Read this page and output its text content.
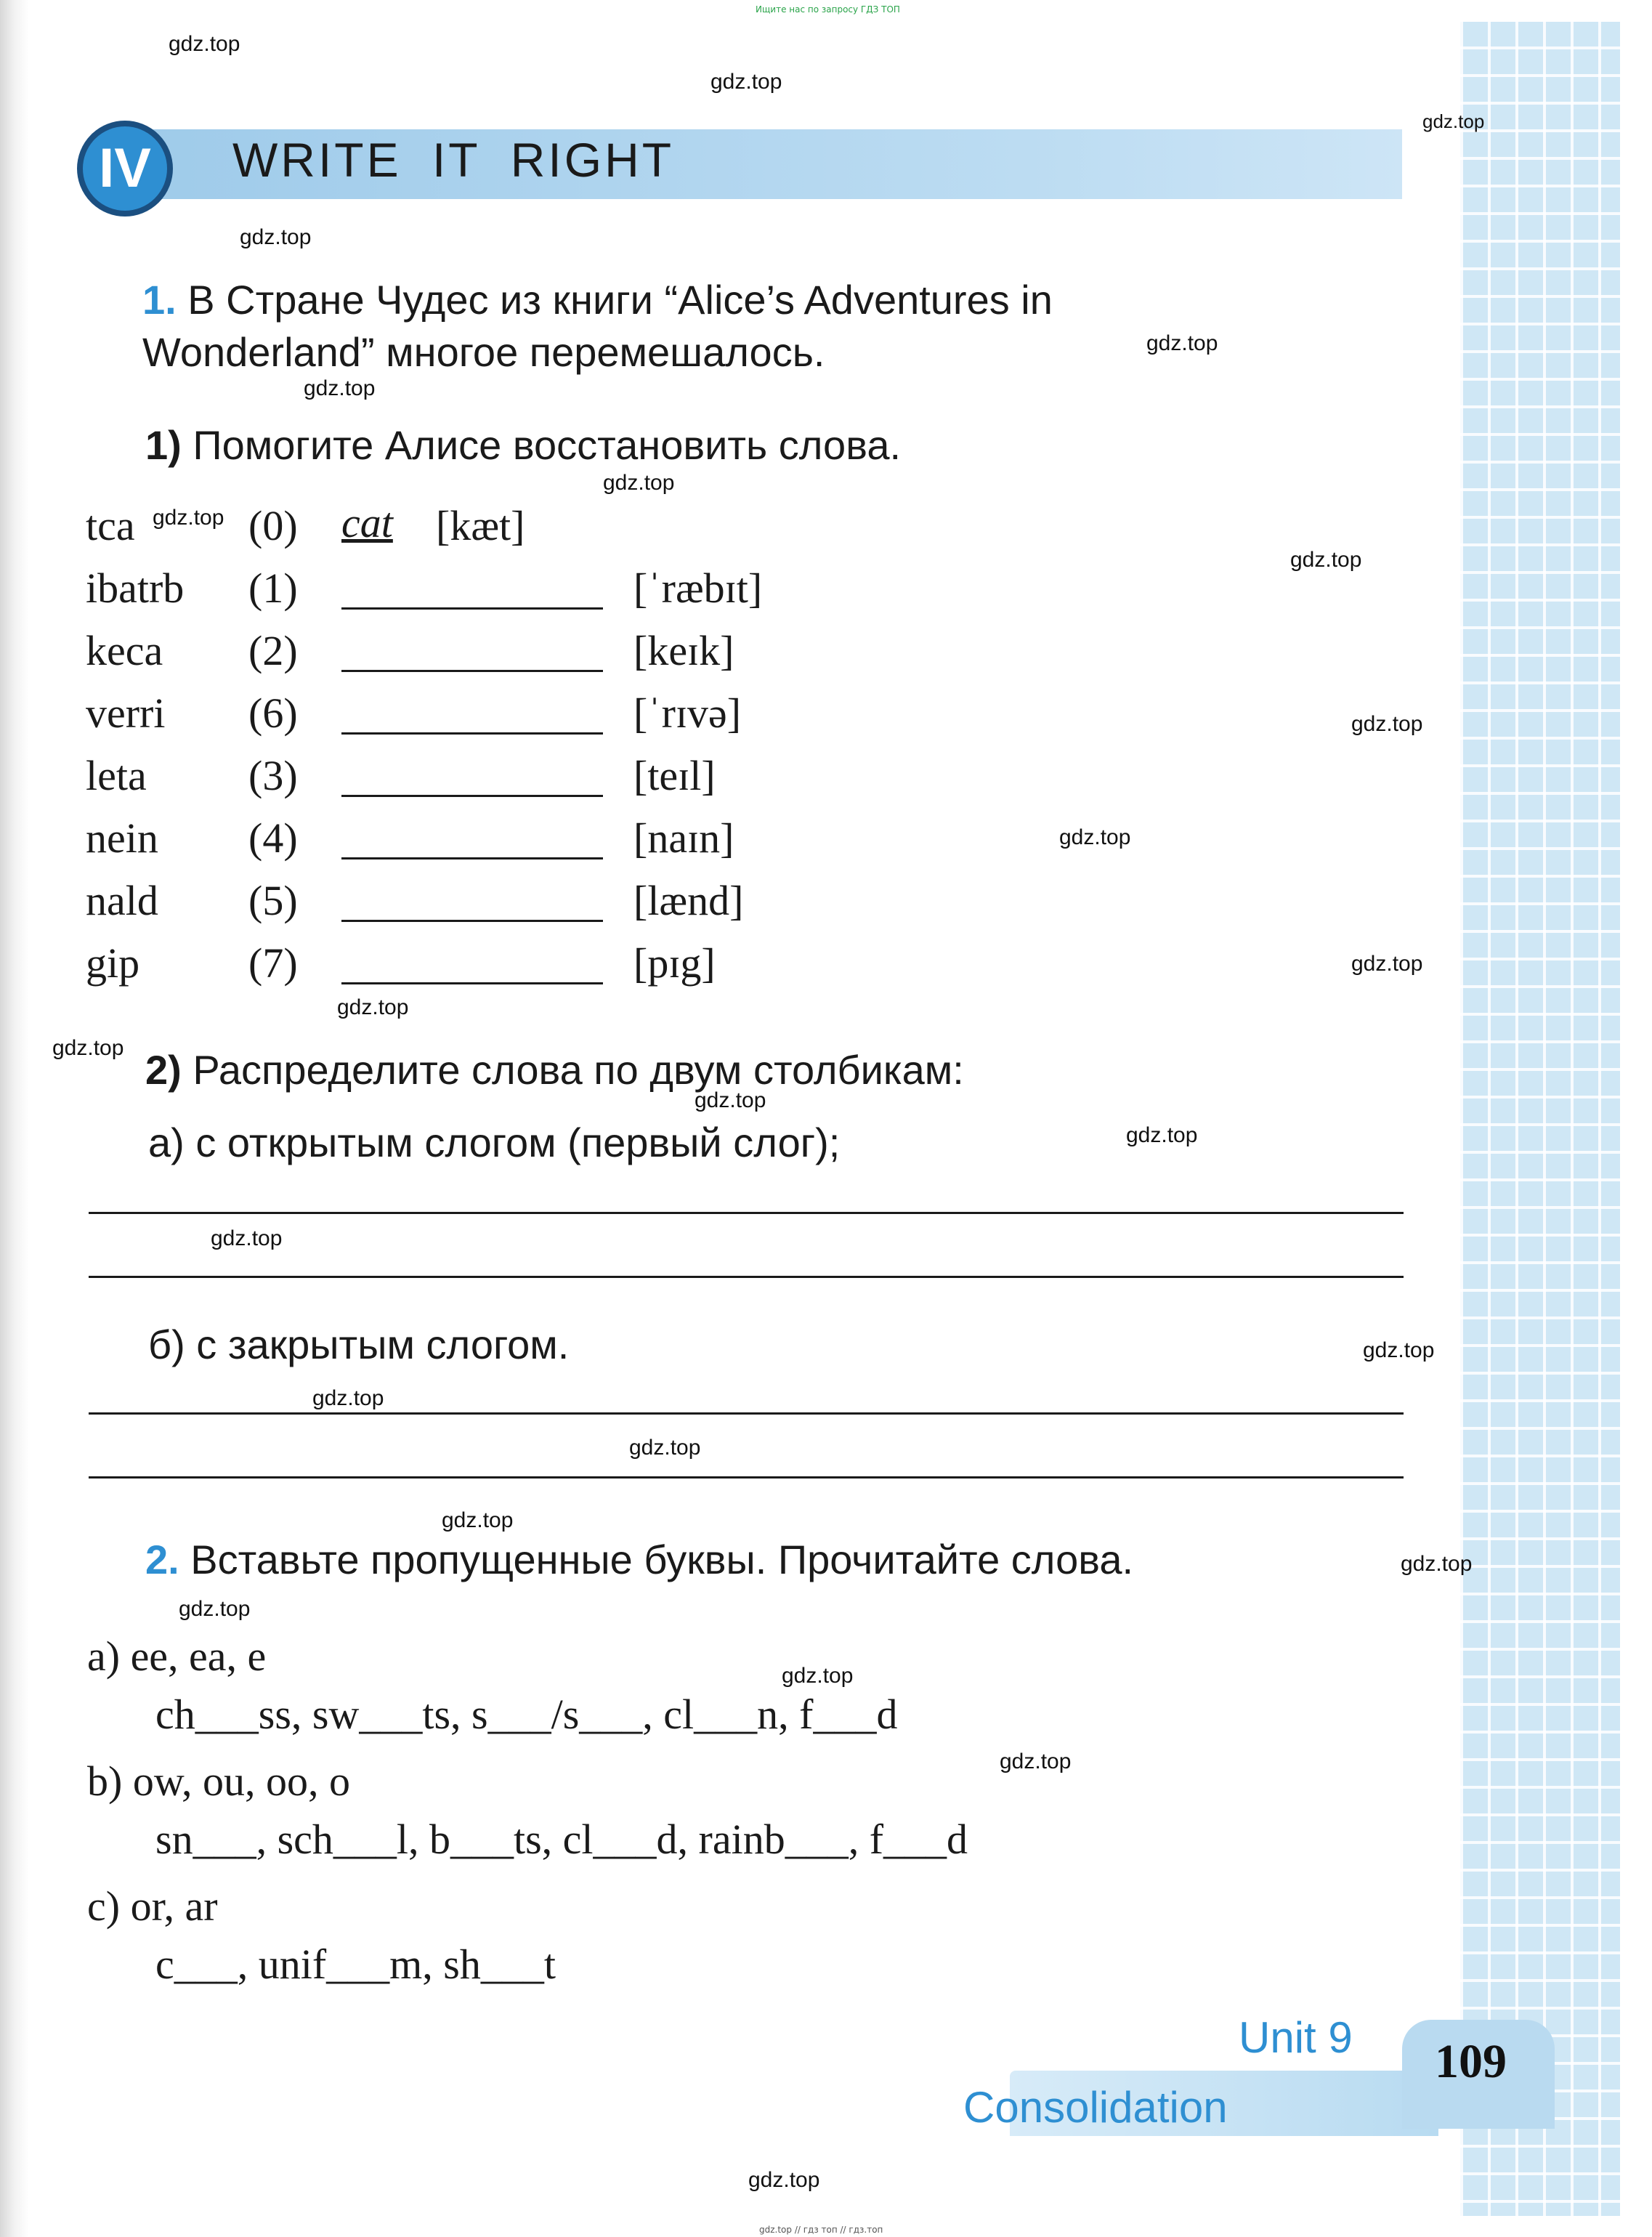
Ищите нас по запросу ГДЗ ТОП
IV	WRITE IT RIGHT
1. В Стране Чудес из книги “Alice’s Adventures in
Wonderland” многое перемешалось.
1) Помогите Алисе восстановить слова.
tca	(0) cat [kæt]
ibatrb (1)	[ˈræbɪt]
keca (2)	[keɪk]
verri (6)	[ˈrɪvə]
leta (3)	[teɪl]
nein (4)	[naɪn]
nald (5)	[lænd]
gip	(7)	[pɪg]
2) Распределите слова по двум столбикам:
а) с открытым слогом (первый слог);
б) с закрытым слогом.
2. Вставьте пропущенные буквы. Прочитайте слова.
a) ee, ea, e
ch___ss, sw___ts, s___/s___, cl___n, f___d
b) ow, ou, oo, o
sn___, sch___l, b___ts, cl___d, rainb___, f___d
c) or, ar
c___, unif___m, sh___t
Unit 9
Consolidation
109
gdz.top
gdz.top
gdz.top
gdz.top
gdz.top
gdz.top
gdz.top
gdz.top
gdz.top
gdz.top
gdz.top
gdz.top
gdz.top
gdz.top
gdz.top
gdz.top
gdz.top
gdz.top
gdz.top
gdz.top
gdz.top
gdz.top
gdz.top
gdz.top
gdz.top
gdz.top
gdz.top // гдз топ // гдз.топ
